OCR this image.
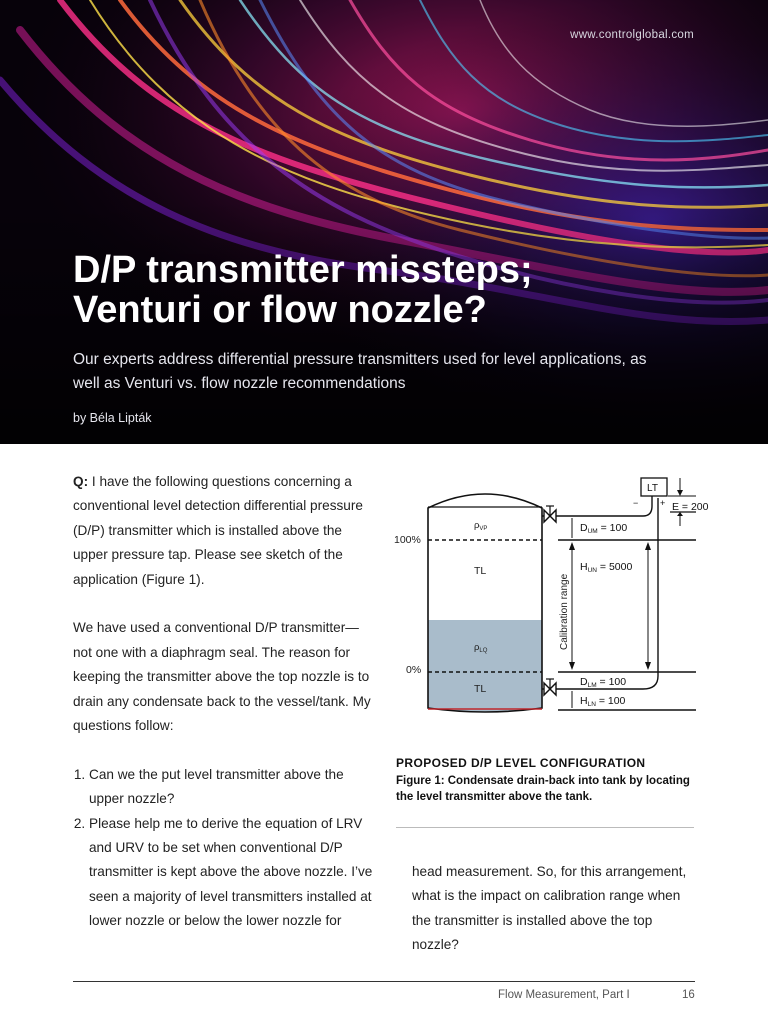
www.controlglobal.com
D/P transmitter missteps;
Venturi or flow nozzle?

Our experts address differential pressure transmitters used for level applications, as well as Venturi vs. flow nozzle recommendations

by Béla Lipták

Q: I have the following questions concerning a conventional level detection differential pressure (D/P) transmitter which is installed above the upper pressure tap. Please see sketch of the application (Figure 1).

We have used a conventional D/P transmitter—not one with a diaphragm seal. The reason for keeping the transmitter above the top nozzle is to drain any condensate back to the vessel/tank. My questions follow:

1. Can we the put level transmitter above the upper nozzle?
2. Please help me to derive the equation of LRV and URV to be set when conventional D/P transmitter is kept above the above nozzle. I’ve seen a majority of level transmitters installed at lower nozzle or below the lower nozzle for
100%
0%
$\rho_{VP}$
$\rho_{LQ}$
TL
TL
LT
− + E = 200
Calibration range
DUM = 100
HUN = 5000
DLM = 100
HLN = 100
PROPOSED D/P LEVEL CONFIGURATION
Figure 1: Condensate drain-back into tank by locating the level transmitter above the tank.
head measurement. So, for this arrangement, what is the impact on calibration range when the transmitter is installed above the top nozzle?
Flow Measurement, Part I	16
